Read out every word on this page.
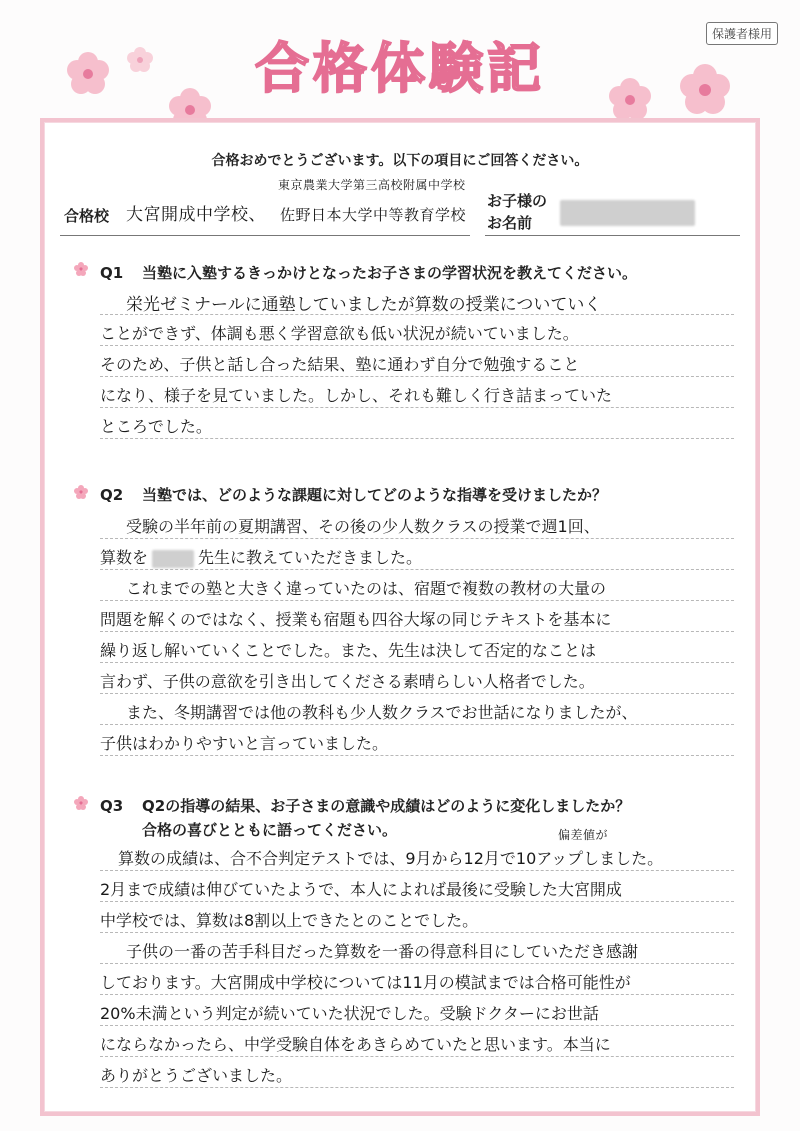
保護者様用
合格体験記
合格おめでとうございます。以下の項目にご回答ください。
合格校 大宮開成中学校、
東京農業大学第三高校附属中学校
佐野日本大学中等教育学校
お子様の
お名前
Q1 当塾に入塾するきっかけとなったお子さまの学習状況を教えてください。
栄光ゼミナールに通塾していましたが算数の授業についていく
ことができず、体調も悪く学習意欲も低い状況が続いていました。
そのため、子供と話し合った結果、塾に通わず自分で勉強すること
になり、様子を見ていました。しかし、それも難しく行き詰まっていた
ところでした。
Q2 当塾では、どのような課題に対してどのような指導を受けましたか？
受験の半年前の夏期講習、その後の少人数クラスの授業で週1回、
算数を	先生に教えていただきました。
これまでの塾と大きく違っていたのは、宿題で複数の教材の大量の
問題を解くのではなく、授業も宿題も四谷大塚の同じテキストを基本に
繰り返し解いていくことでした。また、先生は決して否定的なことは
言わず、子供の意欲を引き出してくださる素晴らしい人格者でした。
また、冬期講習では他の教科も少人数クラスでお世話になりましたが、
子供はわかりやすいと言っていました。
Q3 Q2の指導の結果、お子さまの意識や成績はどのように変化しましたか？
合格の喜びとともに語ってください。	偏差値が
算数の成績は、合不合判定テストでは、9月から12月で10アップしました。
2月まで成績は伸びていたようで、本人によれば最後に受験した大宮開成
中学校では、算数は8割以上できたとのことでした。
子供の一番の苦手科目だった算数を一番の得意科目にしていただき感謝
しております。大宮開成中学校については11月の模試までは合格可能性が
20%未満という判定が続いていた状況でした。受験ドクターにお世話
にならなかったら、中学受験自体をあきらめていたと思います。本当に
ありがとうございました。
